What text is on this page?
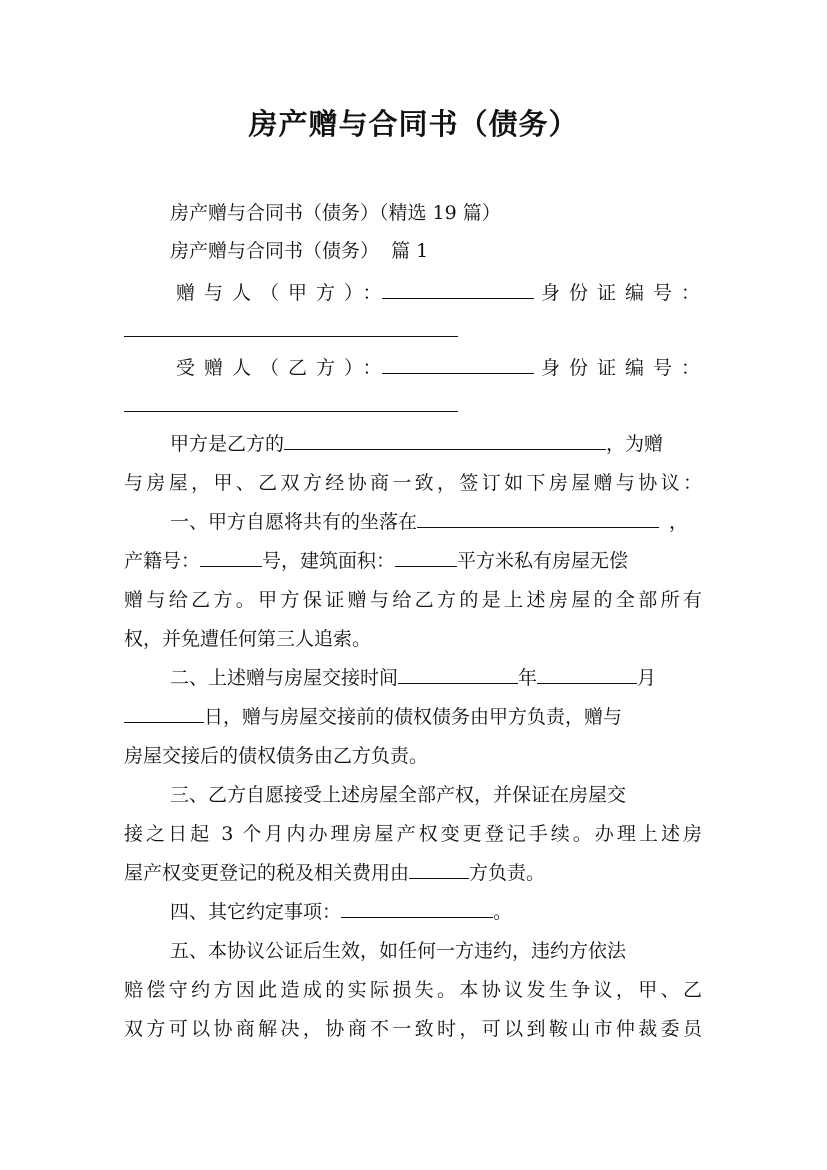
房产赠与合同书（债务）
房产赠与合同书（债务）（精选 19 篇）
房产赠与合同书（债务）  篇 1
赠与人（甲方）：	身份证编号：
受赠人（乙方）：	身份证编号：
甲方是乙方的	，为赠
与房屋，甲、乙双方经协商一致，签订如下房屋赠与协议：
一、甲方自愿将共有的坐落在	，
产籍号：	号，建筑面积：	平方米私有房屋无偿
赠与给乙方。甲方保证赠与给乙方的是上述房屋的全部所有
权，并免遭任何第三人追索。
二、上述赠与房屋交接时间	年	月
日，赠与房屋交接前的债权债务由甲方负责，赠与
房屋交接后的债权债务由乙方负责。
三、乙方自愿接受上述房屋全部产权，并保证在房屋交
接之日起 3 个月内办理房屋产权变更登记手续。办理上述房
屋产权变更登记的税及相关费用由	方负责。
四、其它约定事项：	。
五、本协议公证后生效，如任何一方违约，违约方依法
赔偿守约方因此造成的实际损失。本协议发生争议，甲、乙
双方可以协商解决，协商不一致时，可以到鞍山市仲裁委员
